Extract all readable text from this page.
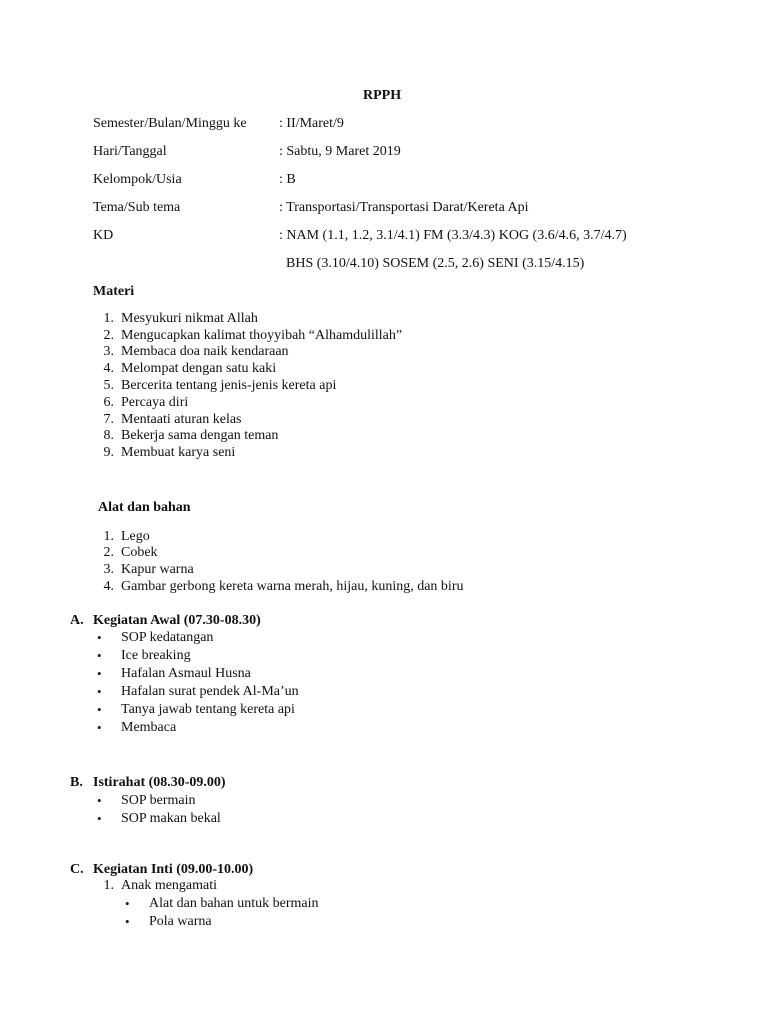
RPPH
Semester/Bulan/Minggu ke : II/Maret/9
Hari/Tanggal	: Sabtu, 9 Maret 2019
Kelompok/Usia	: B
Tema/Sub tema	: Transportasi/Transportasi Darat/Kereta Api
KD	: NAM (1.1, 1.2, 3.1/4.1) FM (3.3/4.3) KOG (3.6/4.6, 3.7/4.7)
BHS (3.10/4.10) SOSEM (2.5, 2.6) SENI (3.15/4.15)
Materi
1. Mesyukuri nikmat Allah
2. Mengucapkan kalimat thoyyibah “Alhamdulillah”
3. Membaca doa naik kendaraan
4. Melompat dengan satu kaki
5. Bercerita tentang jenis-jenis kereta api
6. Percaya diri
7. Mentaati aturan kelas
8. Bekerja sama dengan teman
9. Membuat karya seni
Alat dan bahan
1. Lego
2. Cobek
3. Kapur warna
4. Gambar gerbong kereta warna merah, hijau, kuning, dan biru
A. Kegiatan Awal (07.30-08.30)
• SOP kedatangan
• Ice breaking
• Hafalan Asmaul Husna
• Hafalan surat pendek Al-Ma’un
• Tanya jawab tentang kereta api
• Membaca
B. Istirahat (08.30-09.00)
• SOP bermain
• SOP makan bekal
C. Kegiatan Inti (09.00-10.00)
1. Anak mengamati
• Alat dan bahan untuk bermain
• Pola warna
